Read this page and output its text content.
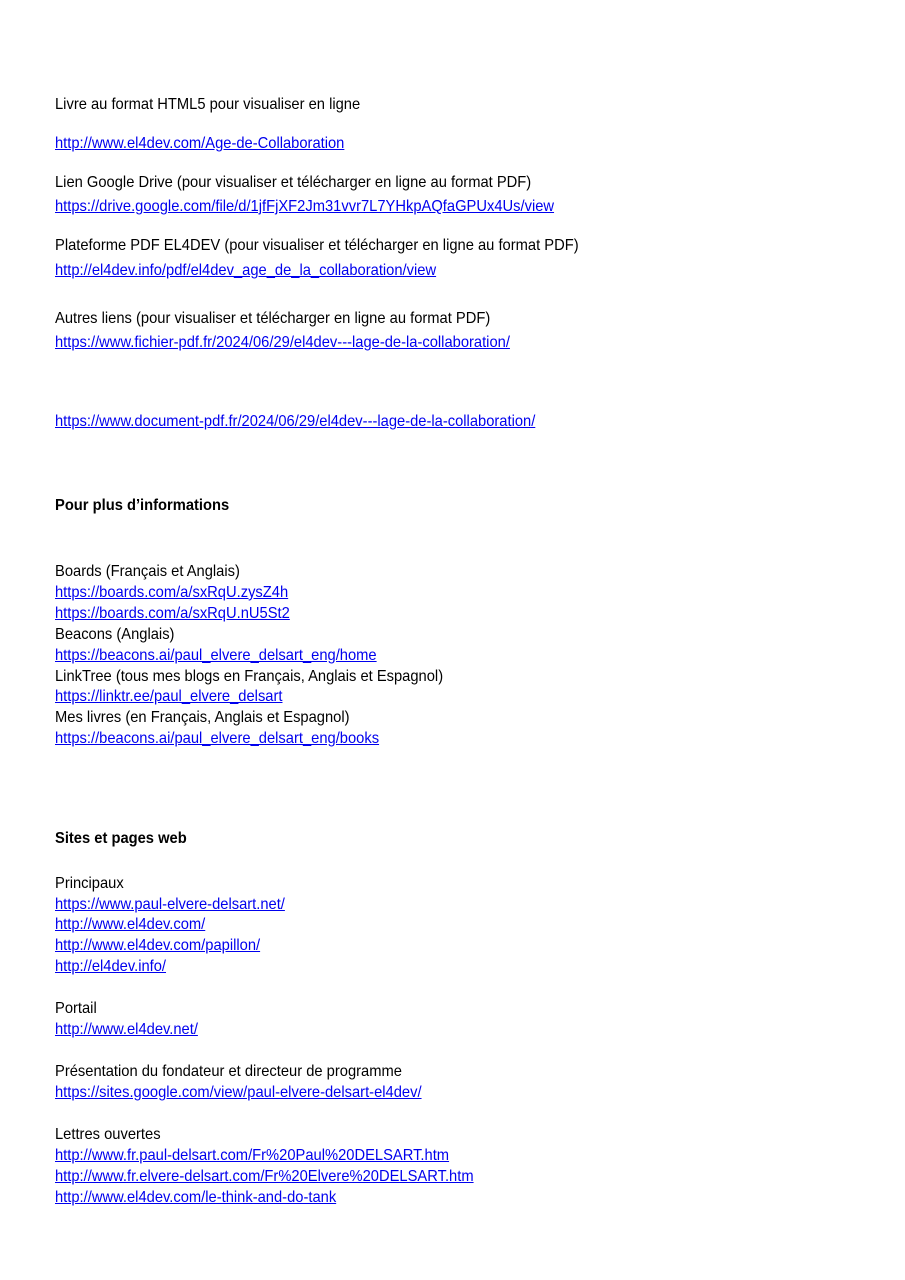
Livre au format HTML5 pour visualiser en ligne
http://www.el4dev.com/Age-de-Collaboration
Lien Google Drive (pour visualiser et télécharger en ligne au format PDF)
https://drive.google.com/file/d/1jfFjXF2Jm31vvr7L7YHkpAQfaGPUx4Us/view
Plateforme PDF EL4DEV (pour visualiser et télécharger en ligne au format PDF)
http://el4dev.info/pdf/el4dev_age_de_la_collaboration/view
Autres liens (pour visualiser et télécharger en ligne au format PDF)
https://www.fichier-pdf.fr/2024/06/29/el4dev---lage-de-la-collaboration/
https://www.document-pdf.fr/2024/06/29/el4dev---lage-de-la-collaboration/
Pour plus d’informations
Boards (Français et Anglais)
https://boards.com/a/sxRqU.zysZ4h
https://boards.com/a/sxRqU.nU5St2
Beacons (Anglais)
https://beacons.ai/paul_elvere_delsart_eng/home
LinkTree (tous mes blogs en Français, Anglais et Espagnol)
https://linktr.ee/paul_elvere_delsart
Mes livres (en Français, Anglais et Espagnol)
https://beacons.ai/paul_elvere_delsart_eng/books
Sites et pages web
Principaux
https://www.paul-elvere-delsart.net/
http://www.el4dev.com/
http://www.el4dev.com/papillon/
http://el4dev.info/
Portail
http://www.el4dev.net/
Présentation du fondateur et directeur de programme
https://sites.google.com/view/paul-elvere-delsart-el4dev/
Lettres ouvertes
http://www.fr.paul-delsart.com/Fr%20Paul%20DELSART.htm
http://www.fr.elvere-delsart.com/Fr%20Elvere%20DELSART.htm
http://www.el4dev.com/le-think-and-do-tank
